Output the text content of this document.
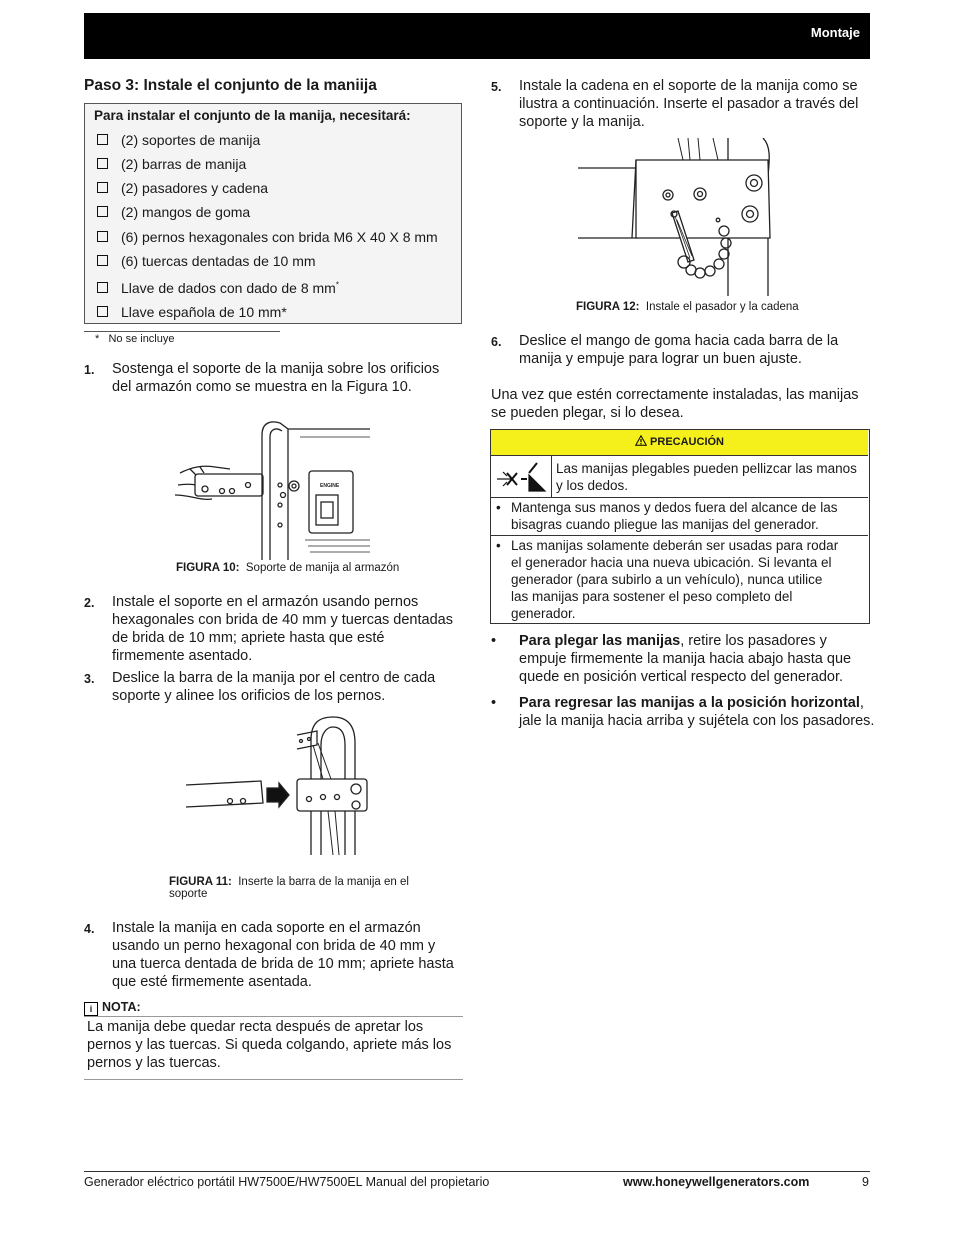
Montaje
Paso 3: Instale el conjunto de la maniija
Para instalar el conjunto de la manija, necesitará:
(2) soportes de manija
(2) barras de manija
(2) pasadores y cadena
(2) mangos de goma
(6) pernos hexagonales con brida M6 X 40 X 8 mm
(6) tuercas dentadas de 10 mm
Llave de dados con dado de 8 mm*
Llave española de 10 mm*
* No se incluye
1. Sostenga el soporte de la manija sobre los orificios
del armazón como se muestra en la Figura 10.
ENGINE
FIGURA 10: Soporte de manija al armazón
2. Instale el soporte en el armazón usando pernos
hexagonales con brida de 40 mm y tuercas dentadas
de brida de 10 mm; apriete hasta que esté
firmemente asentado.
3. Deslice la barra de la manija por el centro de cada
soporte y alinee los orificios de los pernos.
FIGURA 11: Inserte la barra de la manija en el
soporte
4. Instale la manija en cada soporte en el armazón
usando un perno hexagonal con brida de 40 mm y
una tuerca dentada de brida de 10 mm; apriete hasta
que esté firmemente asentada.
i NOTA:
La manija debe quedar recta después de apretar los
pernos y las tuercas. Si queda colgando, apriete más los
pernos y las tuercas.
5. Instale la cadena en el soporte de la manija como se
ilustra a continuación. Inserte el pasador a través del
soporte y la manija.
FIGURA 12: Instale el pasador y la cadena
6. Deslice el mango de goma hacia cada barra de la
manija y empuje para lograr un buen ajuste.
Una vez que estén correctamente instaladas, las manijas
se pueden plegar, si lo desea.
PRECAUCIÓN
Las manijas plegables pueden pellizcar las manos
y los dedos.
• Mantenga sus manos y dedos fuera del alcance de las
bisagras cuando pliegue las manijas del generador.
• Las manijas solamente deberán ser usadas para rodar
el generador hacia una nueva ubicación. Si levanta el
generador (para subirlo a un vehículo), nunca utilice
las manijas para sostener el peso completo del
generador.
• Para plegar las manijas, retire los pasadores y
empuje firmemente la manija hacia abajo hasta que
quede en posición vertical respecto del generador.
• Para regresar las manijas a la posición horizontal,
jale la manija hacia arriba y sujétela con los pasadores.
Generador eléctrico portátil HW7500E/HW7500EL Manual del propietario	www.honeywellgenerators.com	9
